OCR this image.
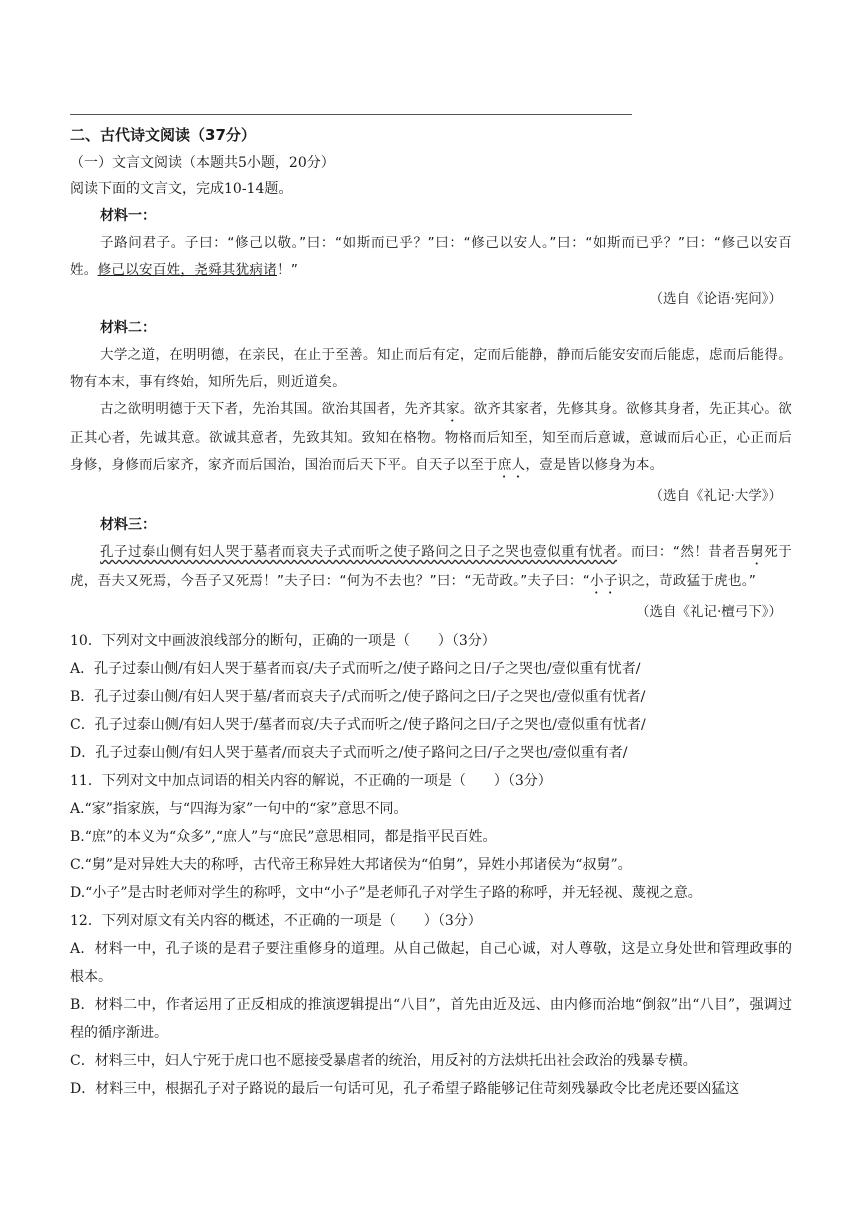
二、古代诗文阅读（37分）

（一）文言文阅读（本题共5小题，20分）

阅读下面的文言文，完成10-14题。

材料一：

子路问君子。子曰：“修己以敬。”曰：“如斯而已乎？”曰：“修己以安人。”曰：“如斯而已乎？”曰：“修己以安百姓。修己以安百姓，尧舜其犹病诸！”

（选自《论语·宪问》）

材料二：

大学之道，在明明德，在亲民，在止于至善。知止而后有定，定而后能静，静而后能安安而后能虑，虑而后能得。物有本末，事有终始，知所先后，则近道矣。

古之欲明明德于天下者，先治其国。欲治其国者，先齐其家。欲齐其家者，先修其身。欲修其身者，先正其心。欲正其心者，先诚其意。欲诚其意者，先致其知。致知在格物。物格而后知至，知至而后意诚，意诚而后心正，心正而后身修，身修而后家齐，家齐而后国治，国治而后天下平。自天子以至于庶人，壹是皆以修身为本。

（选自《礼记·大学》）

材料三：

孔子过泰山侧有妇人哭于墓者而哀夫子式而听之使子路问之日子之哭也壹似重有忧者。而曰：“然！昔者吾舅死于虎，吾夫又死焉，今吾子又死焉！”夫子曰：“何为不去也？”曰：“无苛政。”夫子曰：“小子识之，苛政猛于虎也。”

（选自《礼记·檀弓下》）

10．下列对文中画波浪线部分的断句，正确的一项是（　　）（3分）

A．孔子过泰山侧/有妇人哭于墓者而哀/夫子式而听之/使子路问之日/子之哭也/壹似重有忧者/

B．孔子过泰山侧/有妇人哭于墓/者而哀夫子/式而听之/使子路问之曰/子之哭也/壹似重有忧者/

C．孔子过泰山侧/有妇人哭于/墓者而哀/夫子式而听之/使子路问之曰/子之哭也/壹似重有忧者/

D．孔子过泰山侧/有妇人哭于墓者/而哀夫子式而听之/使子路问之曰/子之哭也/壹似重有者/

11．下列对文中加点词语的相关内容的解说，不正确的一项是（　　）（3分）

A.“家”指家族，与“四海为家”一句中的“家”意思不同。

B.“庶”的本义为“众多”,“庶人”与“庶民”意思相同，都是指平民百姓。

C.“舅”是对异姓大夫的称呼，古代帝王称异姓大邦诸侯为“伯舅”，异姓小邦诸侯为“叔舅”。

D.“小子”是古时老师对学生的称呼，文中“小子”是老师孔子对学生子路的称呼，并无轻视、蔑视之意。

12．下列对原文有关内容的概述，不正确的一项是（　　）（3分）

A．材料一中，孔子谈的是君子要注重修身的道理。从自己做起，自己心诚，对人尊敬，这是立身处世和管理政事的根本。

B．材料二中，作者运用了正反相成的推演逻辑提出“八目”，首先由近及远、由内修而治地“倒叙”出“八目”，强调过程的循序渐进。

C．材料三中，妇人宁死于虎口也不愿接受暴虐者的统治，用反衬的方法烘托出社会政治的残暴专横。

D．材料三中，根据孔子对子路说的最后一句话可见，孔子希望子路能够记住苛刻残暴政令比老虎还要凶猛这
